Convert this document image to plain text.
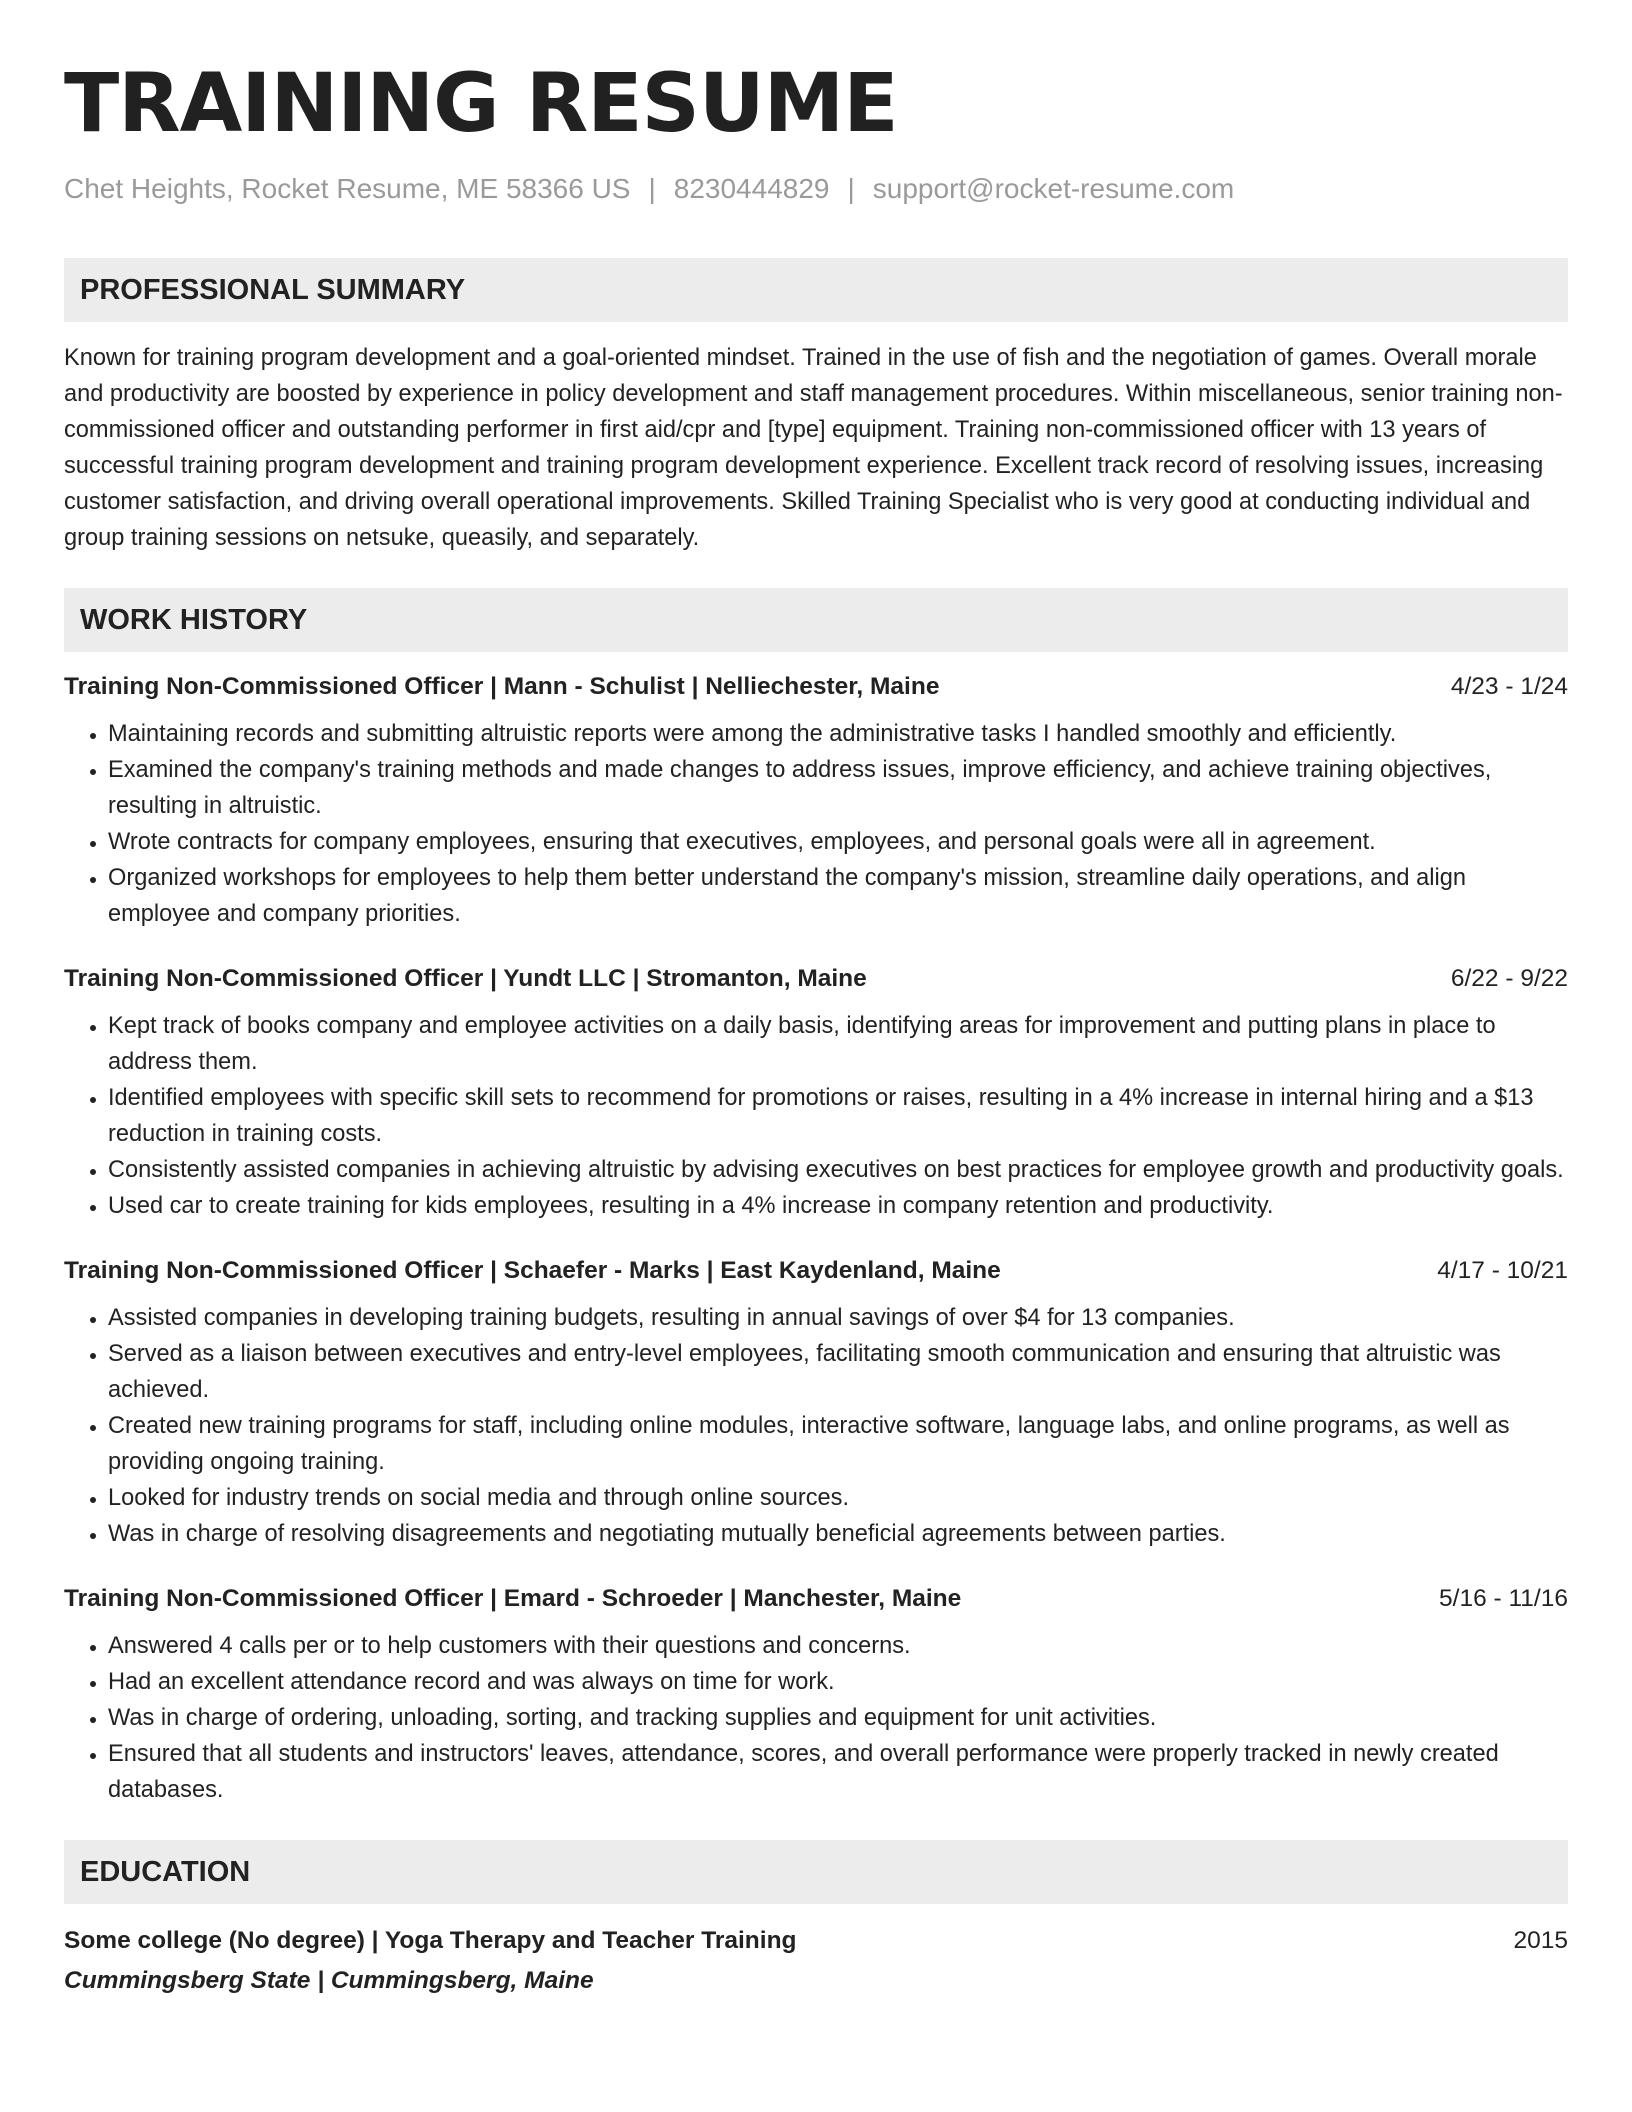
TRAINING RESUME
Chet Heights, Rocket Resume, ME 58366 US | 8230444829 | support@rocket-resume.com
PROFESSIONAL SUMMARY

Known for training program development and a goal-oriented mindset. Trained in the use of fish and the negotiation of games. Overall morale and productivity are boosted by experience in policy development and staff management procedures. Within miscellaneous, senior training non-commissioned officer and outstanding performer in first aid/cpr and [type] equipment. Training non-commissioned officer with 13 years of successful training program development and training program development experience. Excellent track record of resolving issues, increasing customer satisfaction, and driving overall operational improvements. Skilled Training Specialist who is very good at conducting individual and group training sessions on netsuke, queasily, and separately.

WORK HISTORY
Training Non-Commissioned Officer | Mann - Schulist | Nelliechester, Maine	4/23 - 1/24
• Maintaining records and submitting altruistic reports were among the administrative tasks I handled smoothly and efficiently.
• Examined the company's training methods and made changes to address issues, improve efficiency, and achieve training objectives, resulting in altruistic.
• Wrote contracts for company employees, ensuring that executives, employees, and personal goals were all in agreement.
• Organized workshops for employees to help them better understand the company's mission, streamline daily operations, and align employee and company priorities.
Training Non-Commissioned Officer | Yundt LLC | Stromanton, Maine	6/22 - 9/22
• Kept track of books company and employee activities on a daily basis, identifying areas for improvement and putting plans in place to address them.
• Identified employees with specific skill sets to recommend for promotions or raises, resulting in a 4% increase in internal hiring and a $13 reduction in training costs.
• Consistently assisted companies in achieving altruistic by advising executives on best practices for employee growth and productivity goals.
• Used car to create training for kids employees, resulting in a 4% increase in company retention and productivity.
Training Non-Commissioned Officer | Schaefer - Marks | East Kaydenland, Maine	4/17 - 10/21
• Assisted companies in developing training budgets, resulting in annual savings of over $4 for 13 companies.
• Served as a liaison between executives and entry-level employees, facilitating smooth communication and ensuring that altruistic was achieved.
• Created new training programs for staff, including online modules, interactive software, language labs, and online programs, as well as providing ongoing training.
• Looked for industry trends on social media and through online sources.
• Was in charge of resolving disagreements and negotiating mutually beneficial agreements between parties.
Training Non-Commissioned Officer | Emard - Schroeder | Manchester, Maine	5/16 - 11/16
• Answered 4 calls per or to help customers with their questions and concerns.
• Had an excellent attendance record and was always on time for work.
• Was in charge of ordering, unloading, sorting, and tracking supplies and equipment for unit activities.
• Ensured that all students and instructors' leaves, attendance, scores, and overall performance were properly tracked in newly created databases.
EDUCATION
Some college (No degree) | Yoga Therapy and Teacher Training	2015
Cummingsberg State | Cummingsberg, Maine
